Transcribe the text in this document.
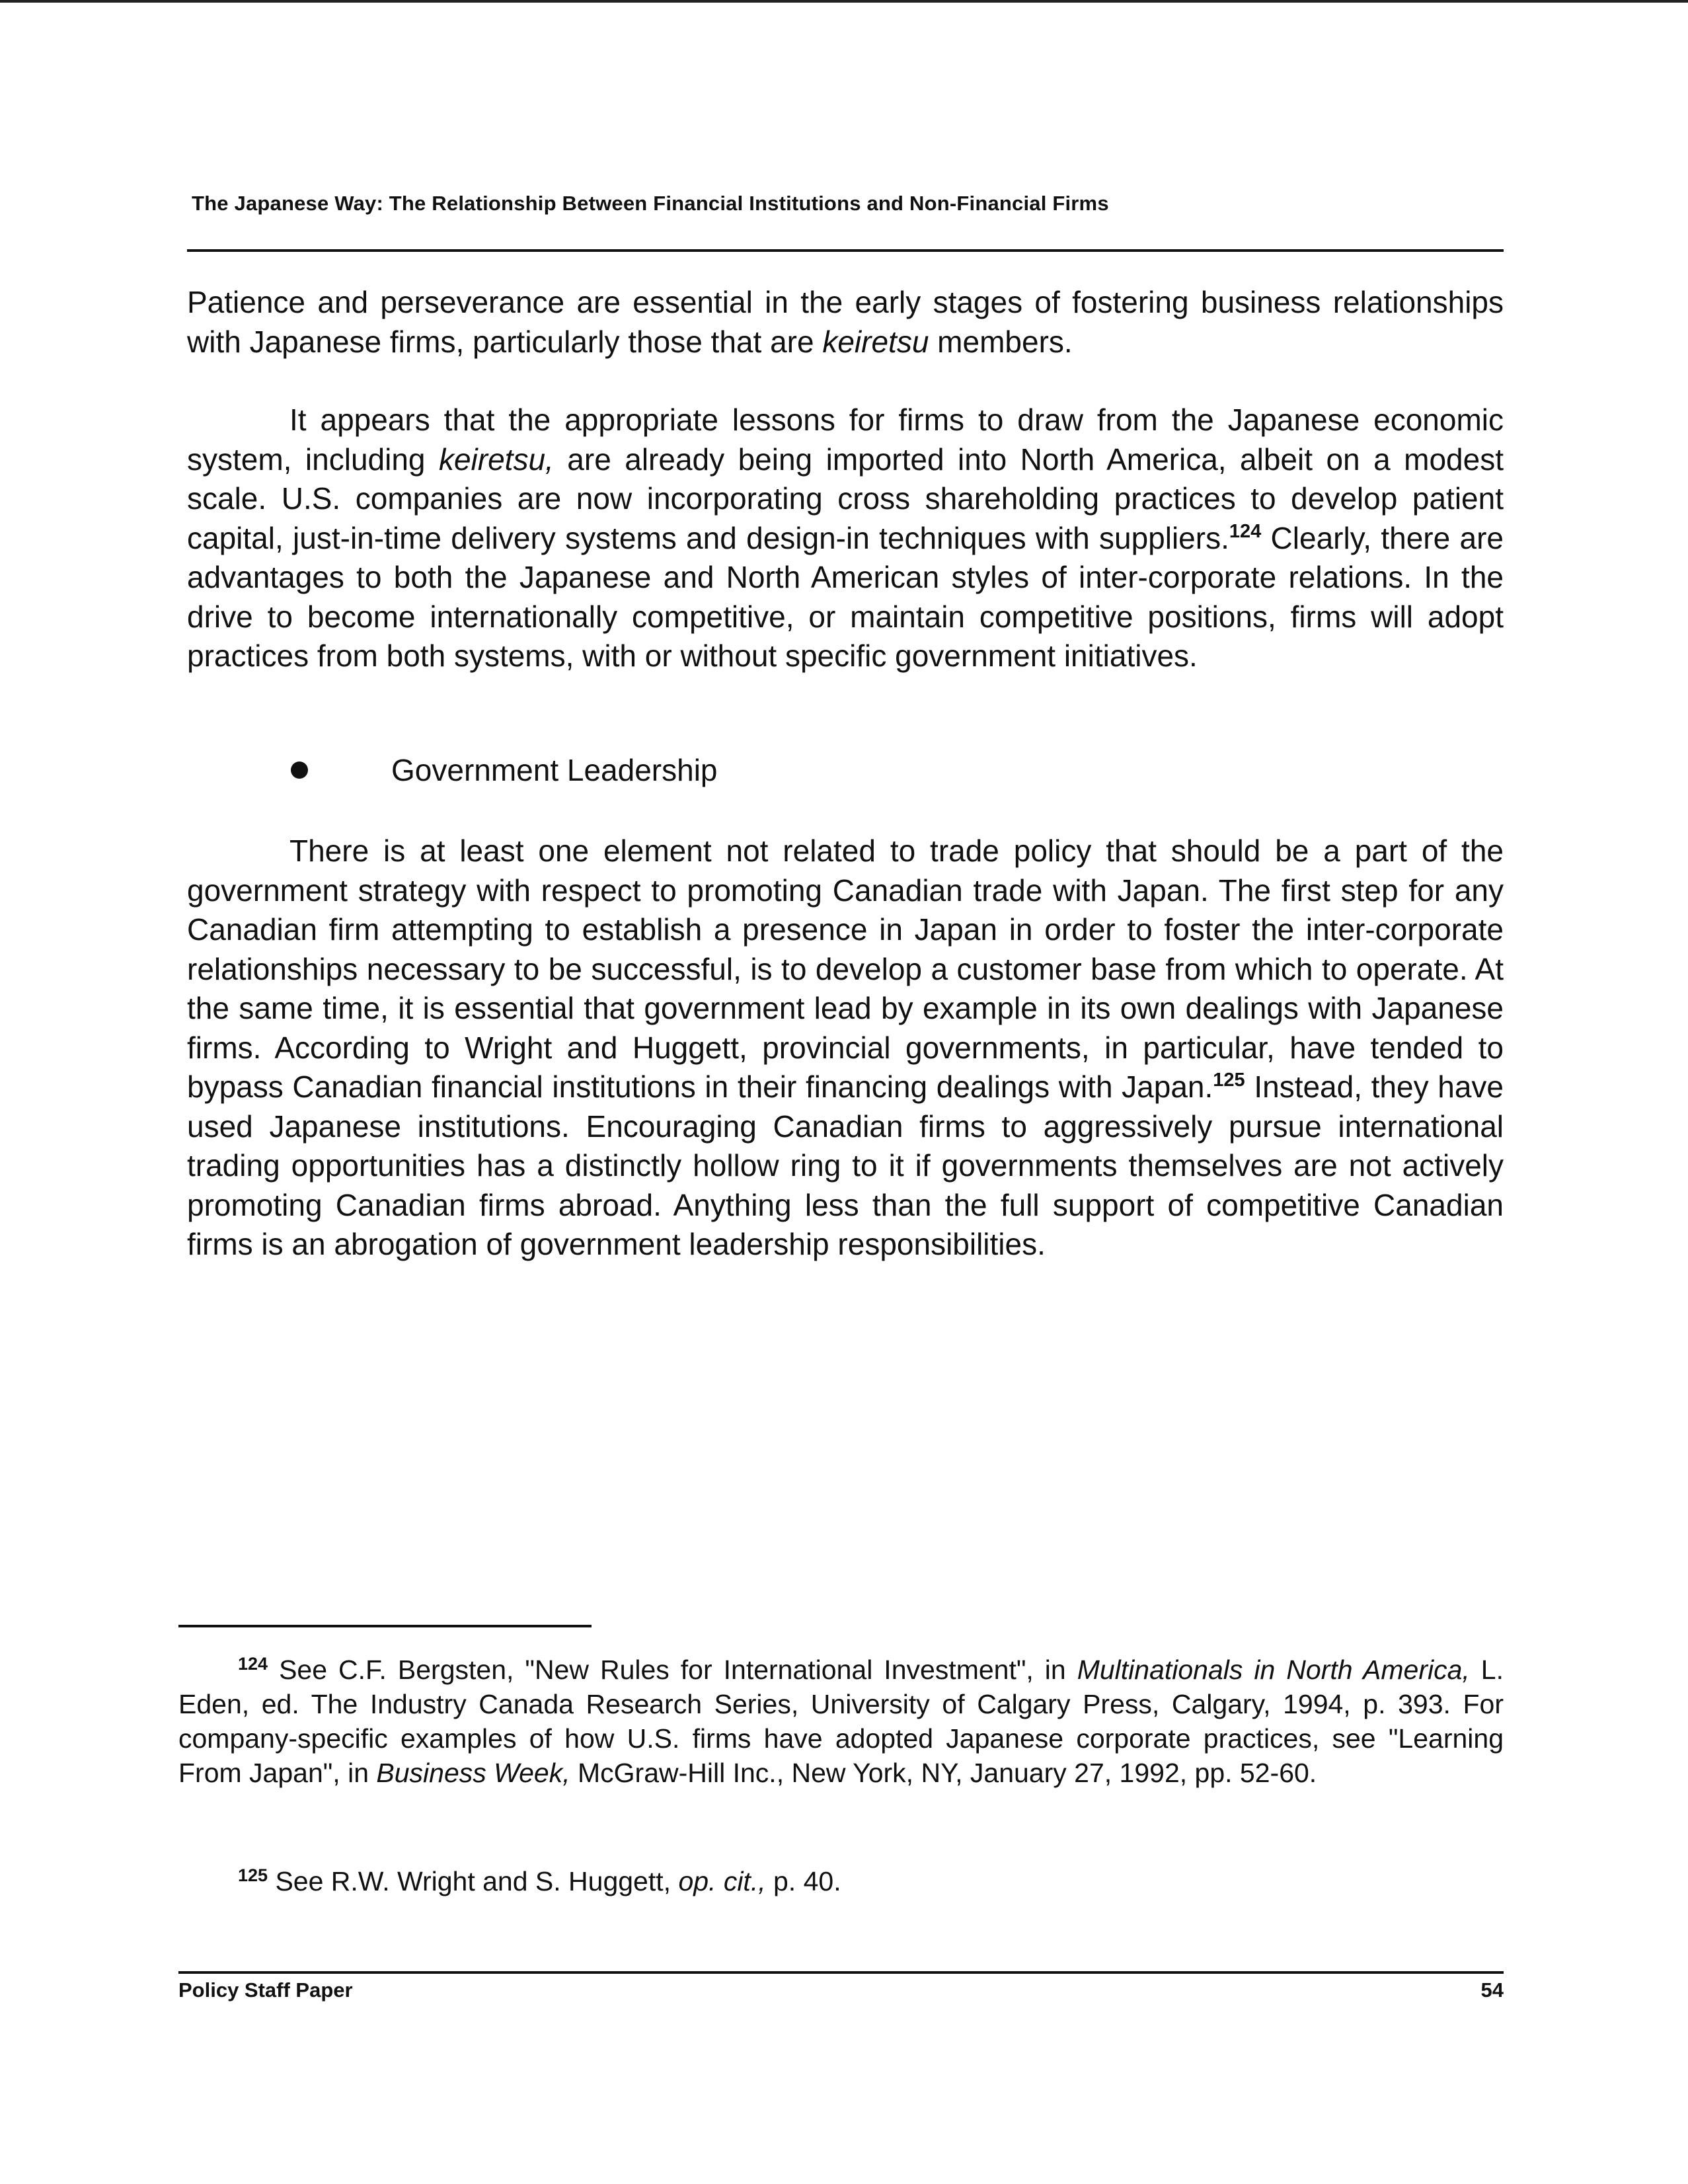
The Japanese Way: The Relationship Between Financial Institutions and Non-Financial Firms

Patience and perseverance are essential in the early stages of fostering business relationships with Japanese firms, particularly those that are keiretsu members.

It appears that the appropriate lessons for firms to draw from the Japanese economic system, including keiretsu, are already being imported into North America, albeit on a modest scale. U.S. companies are now incorporating cross shareholding practices to develop patient capital, just-in-time delivery systems and design-in techniques with suppliers.$^{124}$ Clearly, there are advantages to both the Japanese and North American styles of inter-corporate relations. In the drive to become internationally competitive, or maintain competitive positions, firms will adopt practices from both systems, with or without specific government initiatives.

Government Leadership

There is at least one element not related to trade policy that should be a part of the government strategy with respect to promoting Canadian trade with Japan. The first step for any Canadian firm attempting to establish a presence in Japan in order to foster the inter-corporate relationships necessary to be successful, is to develop a customer base from which to operate. At the same time, it is essential that government lead by example in its own dealings with Japanese firms. According to Wright and Huggett, provincial governments, in particular, have tended to bypass Canadian financial institutions in their financing dealings with Japan.$^{125}$ Instead, they have used Japanese institutions. Encouraging Canadian firms to aggressively pursue international trading opportunities has a distinctly hollow ring to it if governments themselves are not actively promoting Canadian firms abroad. Anything less than the full support of competitive Canadian firms is an abrogation of government leadership responsibilities.

$^{124}$ See C.F. Bergsten, "New Rules for International Investment", in Multinationals in North America, L. Eden, ed. The Industry Canada Research Series, University of Calgary Press, Calgary, 1994, p. 393. For company-specific examples of how U.S. firms have adopted Japanese corporate practices, see "Learning From Japan", in Business Week, McGraw-Hill Inc., New York, NY, January 27, 1992, pp. 52-60.

$^{125}$ See R.W. Wright and S. Huggett, op. cit., p. 40.

Policy Staff Paper	54
